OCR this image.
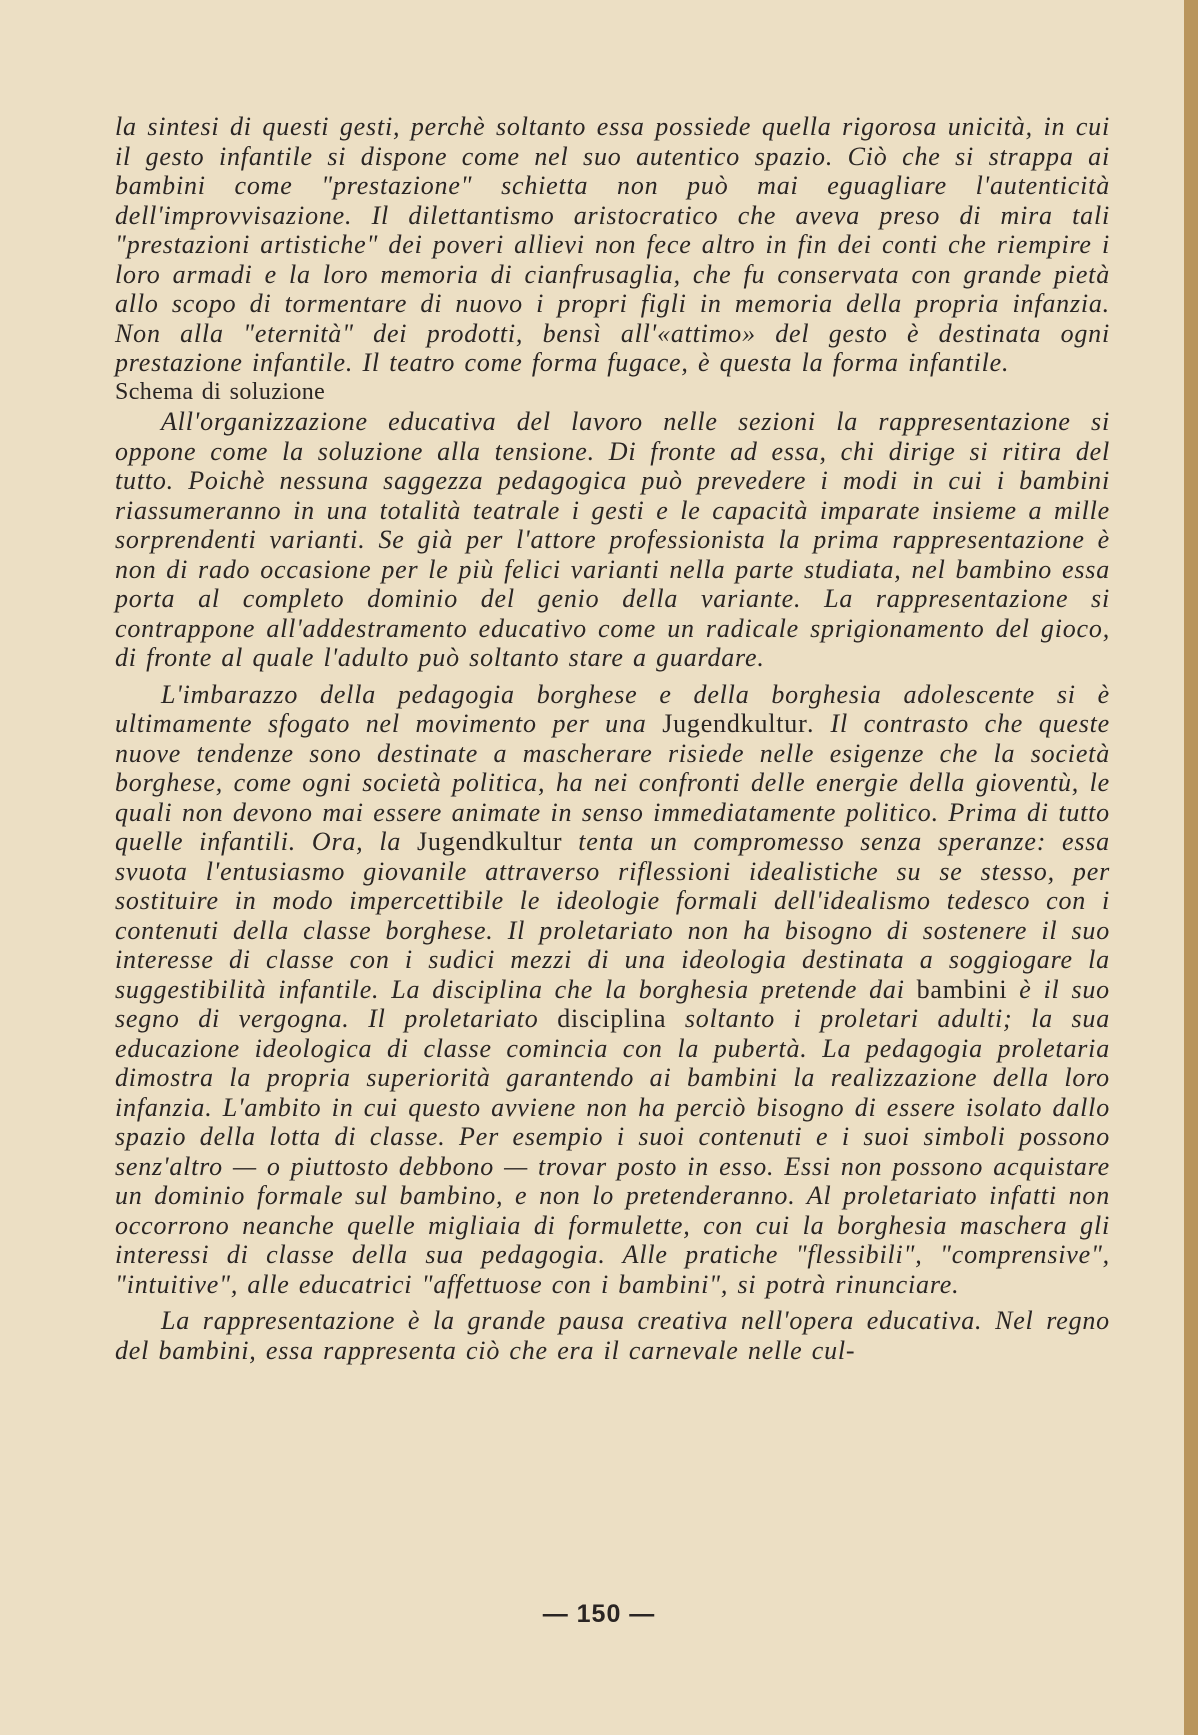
la sintesi di questi gesti, perchè soltanto essa possiede quella rigorosa unicità, in cui il gesto infantile si dispone come nel suo autentico spazio. Ciò che si strappa ai bambini come "prestazione" schietta non può mai eguagliare l'autenticità dell'improvvisazione. Il dilettantismo aristocratico che aveva preso di mira tali "prestazioni artistiche" dei poveri allievi non fece altro in fin dei conti che riempire i loro armadi e la loro memoria di cianfrusaglia, che fu conservata con grande pietà allo scopo di tormentare di nuovo i propri figli in memoria della propria infanzia. Non alla "eternità" dei prodotti, bensì all'«attimo» del gesto è destinata ogni prestazione infantile. Il teatro come forma fugace, è questa la forma infantile.

Schema di soluzione

All'organizzazione educativa del lavoro nelle sezioni la rappresentazione si oppone come la soluzione alla tensione. Di fronte ad essa, chi dirige si ritira del tutto. Poichè nessuna saggezza pedagogica può prevedere i modi in cui i bambini riassumeranno in una totalità teatrale i gesti e le capacità imparate insieme a mille sorprendenti varianti. Se già per l'attore professionista la prima rappresentazione è non di rado occasione per le più felici varianti nella parte studiata, nel bambino essa porta al completo dominio del genio della variante. La rappresentazione si contrappone all'addestramento educativo come un radicale sprigionamento del gioco, di fronte al quale l'adulto può soltanto stare a guardare.

L'imbarazzo della pedagogia borghese e della borghesia adolescente si è ultimamente sfogato nel movimento per una Jugendkultur. Il contrasto che queste nuove tendenze sono destinate a mascherare risiede nelle esigenze che la società borghese, come ogni società politica, ha nei confronti delle energie della gioventù, le quali non devono mai essere animate in senso immediatamente politico. Prima di tutto quelle infantili. Ora, la Jugendkultur tenta un compromesso senza speranze: essa svuota l'entusiasmo giovanile attraverso riflessioni idealistiche su se stesso, per sostituire in modo impercettibile le ideologie formali dell'idealismo tedesco con i contenuti della classe borghese. Il proletariato non ha bisogno di sostenere il suo interesse di classe con i sudici mezzi di una ideologia destinata a soggiogare la suggestibilità infantile. La disciplina che la borghesia pretende dai bambini è il suo segno di vergogna. Il proletariato disciplina soltanto i proletari adulti; la sua educazione ideologica di classe comincia con la pubertà. La pedagogia proletaria dimostra la propria superiorità garantendo ai bambini la realizzazione della loro infanzia. L'ambito in cui questo avviene non ha perciò bisogno di essere isolato dallo spazio della lotta di classe. Per esempio i suoi contenuti e i suoi simboli possono senz'altro — o piuttosto debbono — trovar posto in esso. Essi non possono acquistare un dominio formale sul bambino, e non lo pretenderanno. Al proletariato infatti non occorrono neanche quelle migliaia di formulette, con cui la borghesia maschera gli interessi di classe della sua pedagogia. Alle pratiche "flessibili", "comprensive", "intuitive", alle educatrici "affettuose con i bambini", si potrà rinunciare.

La rappresentazione è la grande pausa creativa nell'opera educativa. Nel regno del bambini, essa rappresenta ciò che era il carnevale nelle cul-

— 150 —
